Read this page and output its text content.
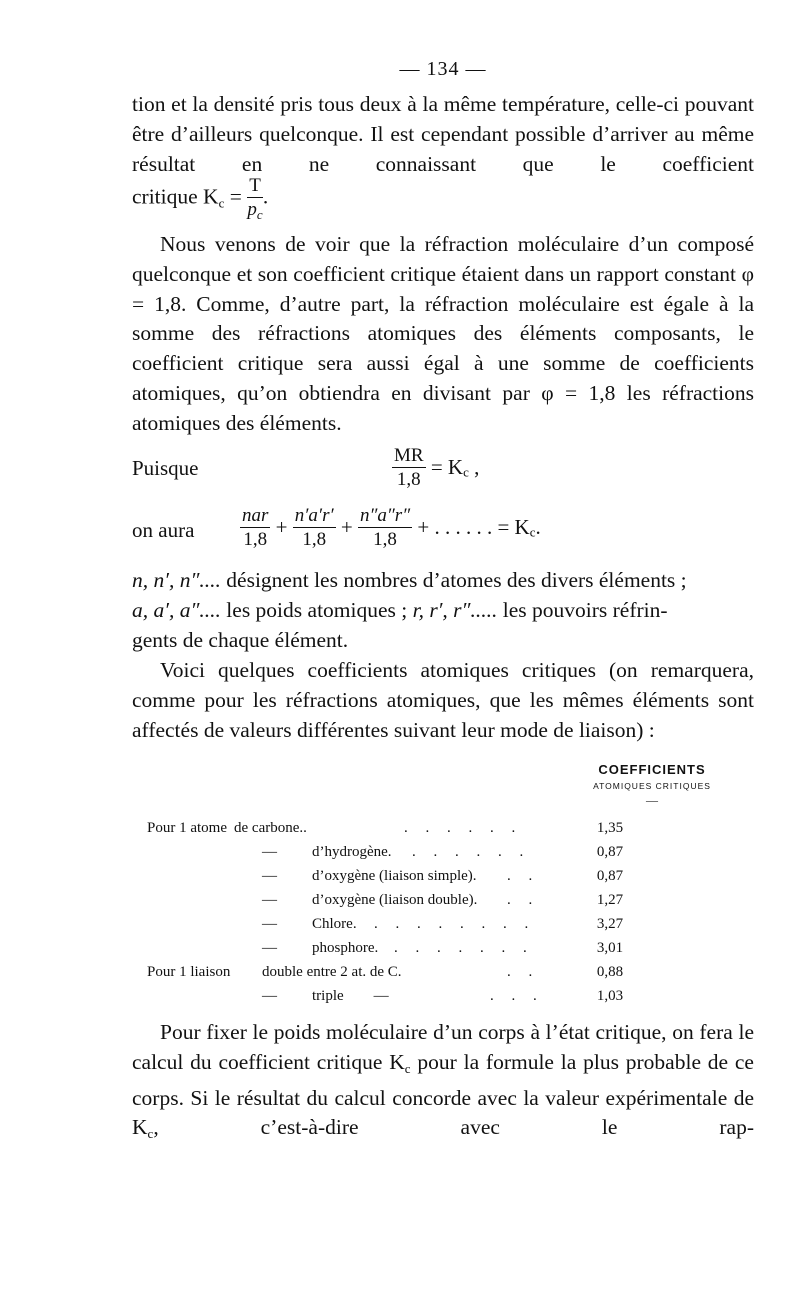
— 134 —
tion et la densité pris tous deux à la même température, celle-ci pouvant être d’ailleurs quelconque. Il est cependant possible d’arriver au même résultat en ne connaissant que le coefficient
critique $K_c = \frac{T}{p_c}$ .
Nous venons de voir que la réfraction moléculaire d’un composé quelconque et son coefficient critique étaient dans un rapport constant φ = 1,8. Comme, d’autre part, la réfraction moléculaire est égale à la somme des réfractions atomiques des éléments composants, le coefficient critique sera aussi égal à une somme de coefficients atomiques, qu’on obtiendra en divisant par φ = 1,8 les réfractions atomiques des éléments.
Puisque	$\frac{MR}{1,8} = K_c$ ,
on aura $\frac{\text{nar}}{1,8} + \frac{n'a'r'}{1,8} + \frac{n''a''r''}{1,8}$ + . . . . . . = $K_c$.
n, n′, n″.... désignent les nombres d’atomes des divers éléments ;
a, a′, a″.... les poids atomiques ; r, r′, r″..... les pouvoirs réfrin-
gents de chaque élément.
Voici quelques coefficients atomiques critiques (on remarquera, comme pour les réfractions atomiques, que les mêmes éléments sont affectés de valeurs différentes suivant leur mode de liaison) :
COEFFICIENTS
ATOMIQUES CRITIQUES
—
Pour 1 atome de carbone..	. . . . . .	1,35
— d’hydrogène. . . . . . .	0,87
— d’oxygène (liaison simple). . .	0,87
— d’oxygène (liaison double). . .	1,27
— Chlore. . . . . . . . .	3,27
— phosphore. . . . . . . .	3,01
Pour 1 liaison double entre 2 at. de C.	. .	0,88
— triple        —	. . .	1,03
Pour fixer le poids moléculaire d’un corps à l’état critique, on fera le calcul du coefficient critique $K_c$ pour la formule la plus probable de ce corps. Si le résultat du calcul concorde avec la valeur expérimentale de $K_c$, c’est-à-dire avec le rap-
